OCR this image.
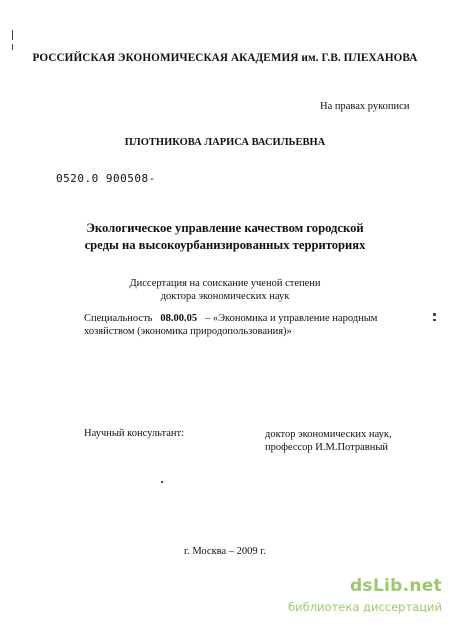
РОССИЙСКАЯ ЭКОНОМИЧЕСКАЯ АКАДЕМИЯ им. Г.В. ПЛЕХАНОВА
На правах рукописи
ПЛОТНИКОВА ЛАРИСА ВАСИЛЬЕВНА
0520.0 900508-
Экологическое управление качеством городской
среды на высокоурбанизированных территориях
Диссертация на соискание ученой степени
доктора экономических наук
Специальность 08.00.05 – «Экономика и управление народным
хозяйством (экономика природопользования)»
Научный консультант:	доктор экономических наук,
профессор И.М.Потравный
г. Москва – 2009 г.
dsLib.net
библиотека диссертаций
